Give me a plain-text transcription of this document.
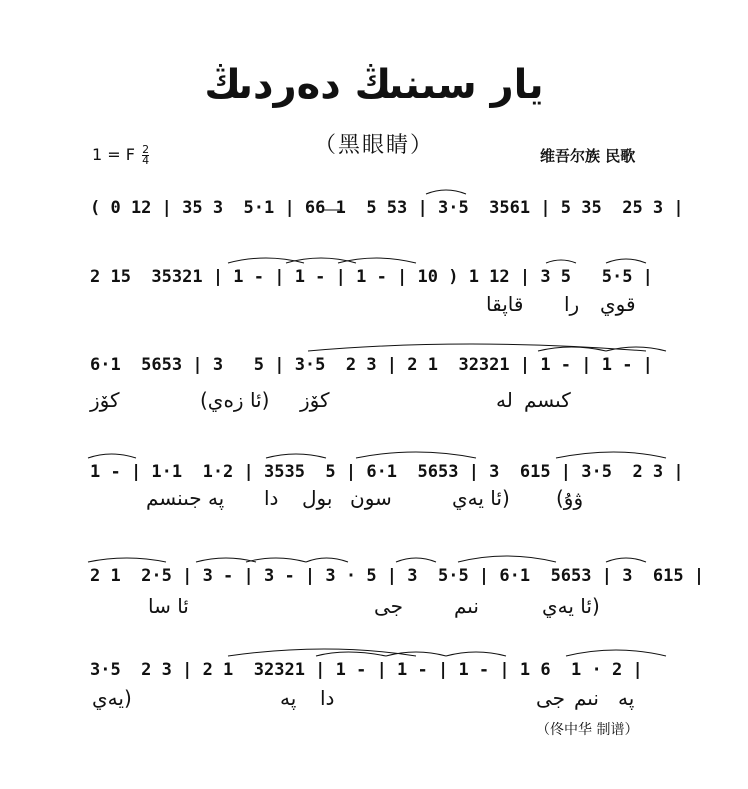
يار سىنىڭ دەردىڭ
（黑眼睛）
1 = F $\frac{2}{4}$	维吾尔族 民歌
( 0 12 | 35 3  5·1 | 66 1  5 53 | 3·5  3561 | 5 35  25 3 |
2 15  35321 | 1 - | 1 - | 1 - | 10 ) 1 12 | 3 5   5·5 |
قاپقا را قوي
6·1  5653 | 3   5 | 3·5  2 3 | 2 1  32321 | 1 - | 1 - |
كۆز	(ئا زەي) كۆز	لە كىسم
1 - | 1·1  1·2 | 3535  5 | 6·1  5653 | 3  615 | 3·5  2 3 |
پە جىنسم دا بول سون	(ئا يەي ۋۇ)
2 1  2·5 | 3 - | 3 - | 3 · 5 | 3  5·5 | 6·1  5653 | 3  615 |
ئا سا	جى	نىم	(ئا يەي
3·5  2 3 | 2 1  32321 | 1 - | 1 - | 1 - | 1 6  1 · 2 |
(يەي	پە دا	جى نىم پە
（佟中华 制谱）
